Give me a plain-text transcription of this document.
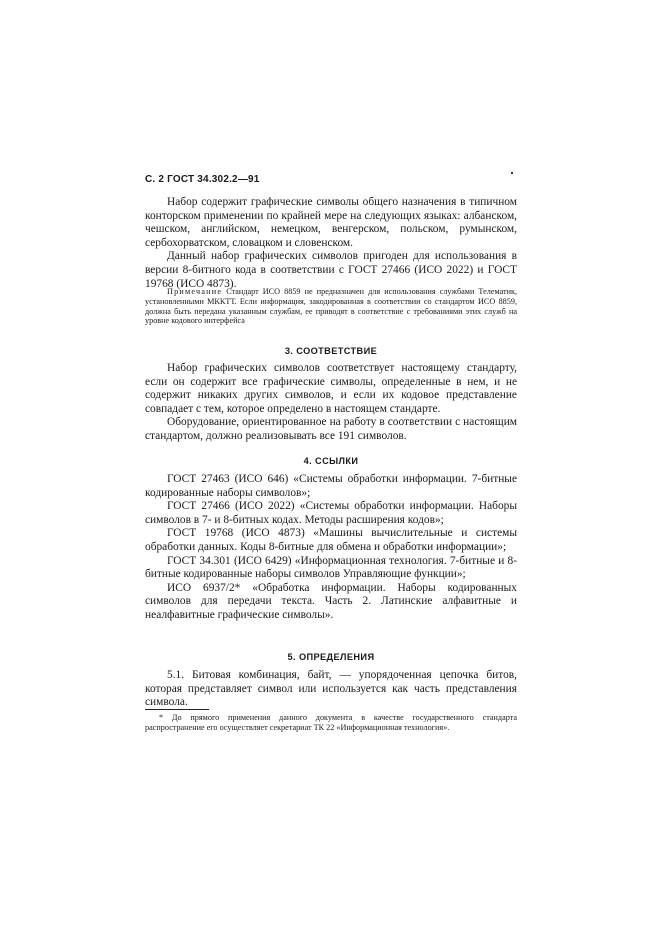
С. 2 ГОСТ 34.302.2—91

Набор содержит графические символы общего назначения в типичном конторском применении по крайней мере на следующих языках: албанском, чешском, английском, немецком, венгерском, польском, румынском, сербохорватском, словацком и словенском.

Данный набор графических символов пригоден для использования в версии 8-битного кода в соответствии с ГОСТ 27466 (ИСО 2022) и ГОСТ 19768 (ИСО 4873).

Примечание Стандарт ИСО 8859 не предназначен для использования службами Телематик, установленными МККТТ. Если информация, закодированная в соответствии со стандартом ИСО 8859, должна быть передана указанным службам, ее приводят в соответствие с требованиями этих служб на уровне кодового интерфейса

3. СООТВЕТСТВИЕ

Набор графических символов соответствует настоящему стандарту, если он содержит все графические символы, определенные в нем, и не содержит никаких других символов, и если их кодовое представление совпадает с тем, которое определено в настоящем стандарте.

Оборудование, ориентированное на работу в соответствии с настоящим стандартом, должно реализовывать все 191 символов.

4. ССЫЛКИ

ГОСТ 27463 (ИСО 646) «Системы обработки информации. 7-битные кодированные наборы символов»;

ГОСТ 27466 (ИСО 2022) «Системы обработки информации. Наборы символов в 7- и 8-битных кодах. Методы расширения кодов»;

ГОСТ 19768 (ИСО 4873) «Машины вычислительные и системы обработки данных. Коды 8-битные для обмена и обработки информации»;

ГОСТ 34.301 (ИСО 6429) «Информационная технология. 7-битные и 8-битные кодированные наборы символов Управляющие функции»;

ИСО 6937/2* «Обработка информации. Наборы кодированных символов для передачи текста. Часть 2. Латинские алфавитные и неалфавитные графические символы».

5. ОПРЕДЕЛЕНИЯ

5.1. Битовая комбинация, байт, — упорядоченная цепочка битов, которая представляет символ или используется как часть представления символа.

* До прямого применения данного документа в качестве государственного стандарта распространение его осуществляет секретариат ТК 22 «Информационная технология».
